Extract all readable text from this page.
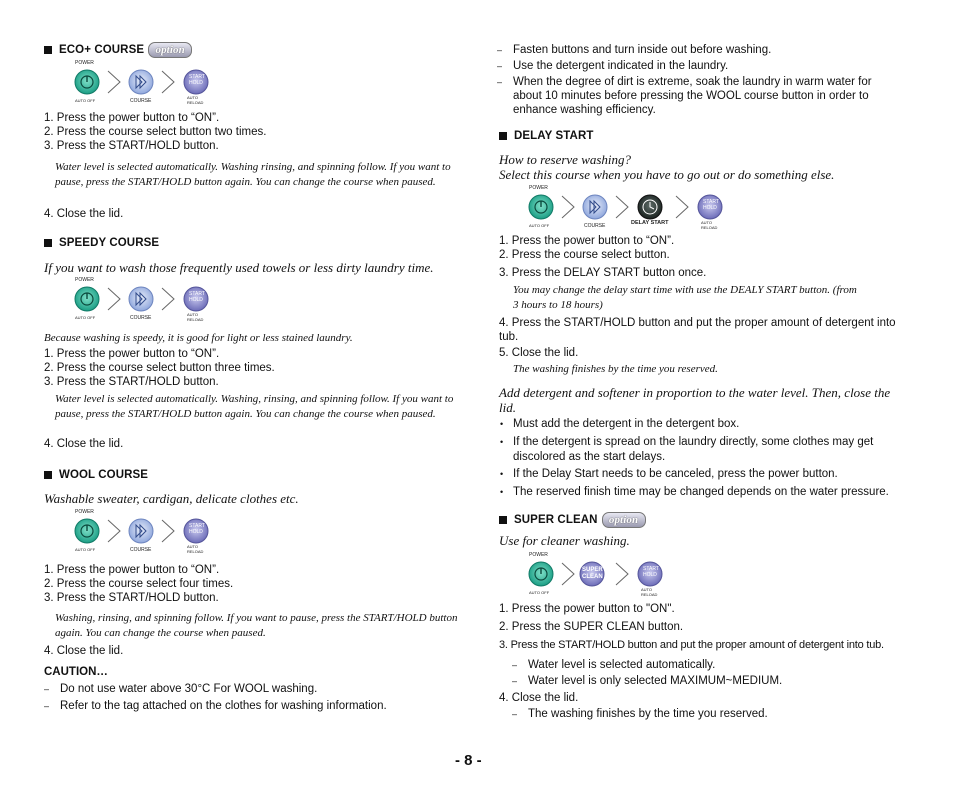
ECO+ COURSE	option
POWER
START
HOLD
AUTO OFF	COURSE
AUTO RELOAD
1. Press the power button to “ON”.
2. Press the course select button two times.
3. Press the START/HOLD button.
Water level is selected automatically. Washing rinsing, and spinning follow. If you want to pause, press the START/HOLD button again. You can change the course when paused.
4. Close the lid.
SPEEDY COURSE
If you want to wash those frequently used towels or less dirty laundry time.
POWER
START
HOLD
AUTO OFF	COURSE
AUTO RELOAD
Because washing is speedy, it is good for light or less stained laundry.
1. Press the power button to “ON”.
2. Press the course select button three times.
3. Press the START/HOLD button.
Water level is selected automatically. Washing, rinsing, and spinning follow. If you want to pause, press the START/HOLD button again. You can change the course when paused.
4. Close the lid.
WOOL COURSE
Washable sweater, cardigan, delicate clothes etc.
POWER
START
HOLD
AUTO OFF	COURSE
AUTO RELOAD
1. Press the power button to “ON”.
2. Press the course select four times.
3. Press the START/HOLD button.
Washing, rinsing, and spinning follow. If you want to pause, press the START/HOLD button again. You can change the course when paused.
4. Close the lid.
CAUTION…
– Do not use water above 30°C For WOOL washing.
– Refer to the tag attached on the clothes for washing information.
– Fasten buttons and turn inside out before washing.
– Use the detergent indicated in the laundry.
– When the degree of dirt is extreme, soak the laundry in warm water for about 10 minutes before pressing the WOOL course button in order to enhance washing efficiency.
DELAY START
How to reserve washing?
Select this course when you have to go out or do something else.
POWER
START
HOLD
AUTO OFF	COURSE	DELAY START	AUTO RELOAD
1. Press the power button to “ON”.
2. Press the course select button.
3. Press the DELAY START button once.
You may change the delay start time with use the DEALY START button. (from 3 hours to 18 hours)
4. Press the START/HOLD button and put the proper amount of detergent into tub.
5. Close the lid.
The washing finishes by the time you reserved.
Add detergent and softener in proportion to the water level. Then, close the lid.
• Must add the detergent in the detergent box.
• If the detergent is spread on the laundry directly, some clothes may get discolored as the start delays.
• If the Delay Start needs to be canceled, press the power button.
• The reserved finish time may be changed depends on the water pressure.
SUPER CLEAN	option
Use for cleaner washing.
POWER
SUPER
CLEAN
START
HOLD
AUTO OFF
AUTO RELOAD
1. Press the power button to "ON".
2. Press the SUPER CLEAN button.
3. Press the START/HOLD button and put the proper amount of detergent into tub.
– Water level is selected automatically.
– Water level is only selected MAXIMUM~MEDIUM.
4. Close the lid.
– The washing finishes by the time you reserved.
- 8 -
